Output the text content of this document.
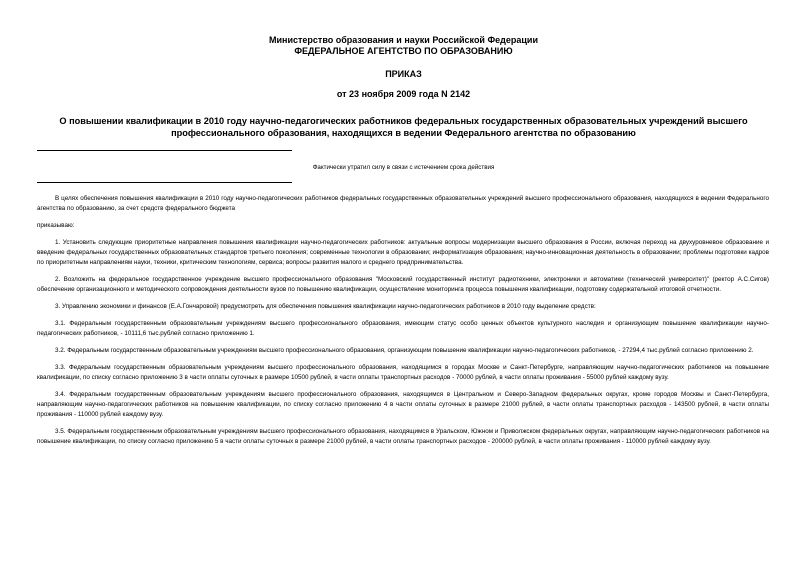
Министерство образования и науки Российской Федерации
ФЕДЕРАЛЬНОЕ АГЕНТСТВО ПО ОБРАЗОВАНИЮ
ПРИКАЗ
от 23 ноября 2009 года N 2142
О повышении квалификации в 2010 году научно-педагогических работников федеральных государственных образовательных учреждений высшего профессионального образования, находящихся в ведении Федерального агентства по образованию
Фактически утратил силу в связи с истечением срока действия

В целях обеспечения повышения квалификации в 2010 году научно-педагогических работников федеральных государственных образовательных учреждений высшего профессионального образования, находящихся в ведении Федерального агентства по образованию, за счет средств федерального бюджета

приказываю:

1. Установить следующие приоритетные направления повышения квалификации научно-педагогических работников: актуальные вопросы модернизации высшего образования в России, включая переход на двухуровневое образование и введение федеральных государственных образовательных стандартов третьего поколения; современные технологии в образовании; информатизация образования; научно-инновационная деятельность в образовании; проблемы подготовки кадров по приоритетным направлениям науки, техники, критическим технологиям, сервиса; вопросы развития малого и среднего предпринимательства.

2. Возложить на федеральное государственное учреждение высшего профессионального образования "Московский государственный институт радиотехники, электроники и автоматики (технический университет)" (ректор А.С.Сигов) обеспечение организационного и методического сопровождения деятельности вузов по повышению квалификации, осуществление мониторинга процесса повышения квалификации, подготовку содержательной итоговой отчетности.

3. Управлению экономики и финансов (Е.А.Гончаровой) предусмотреть для обеспечения повышения квалификации научно-педагогических работников в 2010 году выделение средств:

3.1. Федеральным государственным образовательным учреждениям высшего профессионального образования, имеющим статус особо ценных объектов культурного наследия и организующим повышение квалификации научно-педагогических работников, - 10111,6 тыс.рублей согласно приложению 1.

3.2. Федеральным государственным образовательным учреждениям высшего профессионального образования, организующим повышение квалификации научно-педагогических работников, - 27294,4 тыс.рублей согласно приложению 2.

3.3. Федеральным государственным образовательным учреждениям высшего профессионального образования, находящимся в городах Москве и Санкт-Петербурге, направляющим научно-педагогических работников на повышение квалификации, по списку согласно приложению 3 в части оплаты суточных в размере 10500 рублей, в части оплаты транспортных расходов - 70000 рублей, в части оплаты проживания - 55000 рублей каждому вузу.

3.4. Федеральным государственным образовательным учреждениям высшего профессионального образования, находящимся в Центральном и Северо-Западном федеральных округах, кроме городов Москвы и Санкт-Петербурга, направляющим научно-педагогических работников на повышение квалификации, по списку согласно приложению 4 в части оплаты суточных в размере 21000 рублей, в части оплаты транспортных расходов - 143500 рублей, в части оплаты проживания - 110000 рублей каждому вузу.

3.5. Федеральным государственным образовательным учреждениям высшего профессионального образования, находящимся в Уральском, Южном и Приволжском федеральных округах, направляющим научно-педагогических работников на повышение квалификации, по списку согласно приложению 5 в части оплаты суточных в размере 21000 рублей, в части оплаты транспортных расходов - 200000 рублей, в части оплаты проживания - 110000 рублей каждому вузу.
